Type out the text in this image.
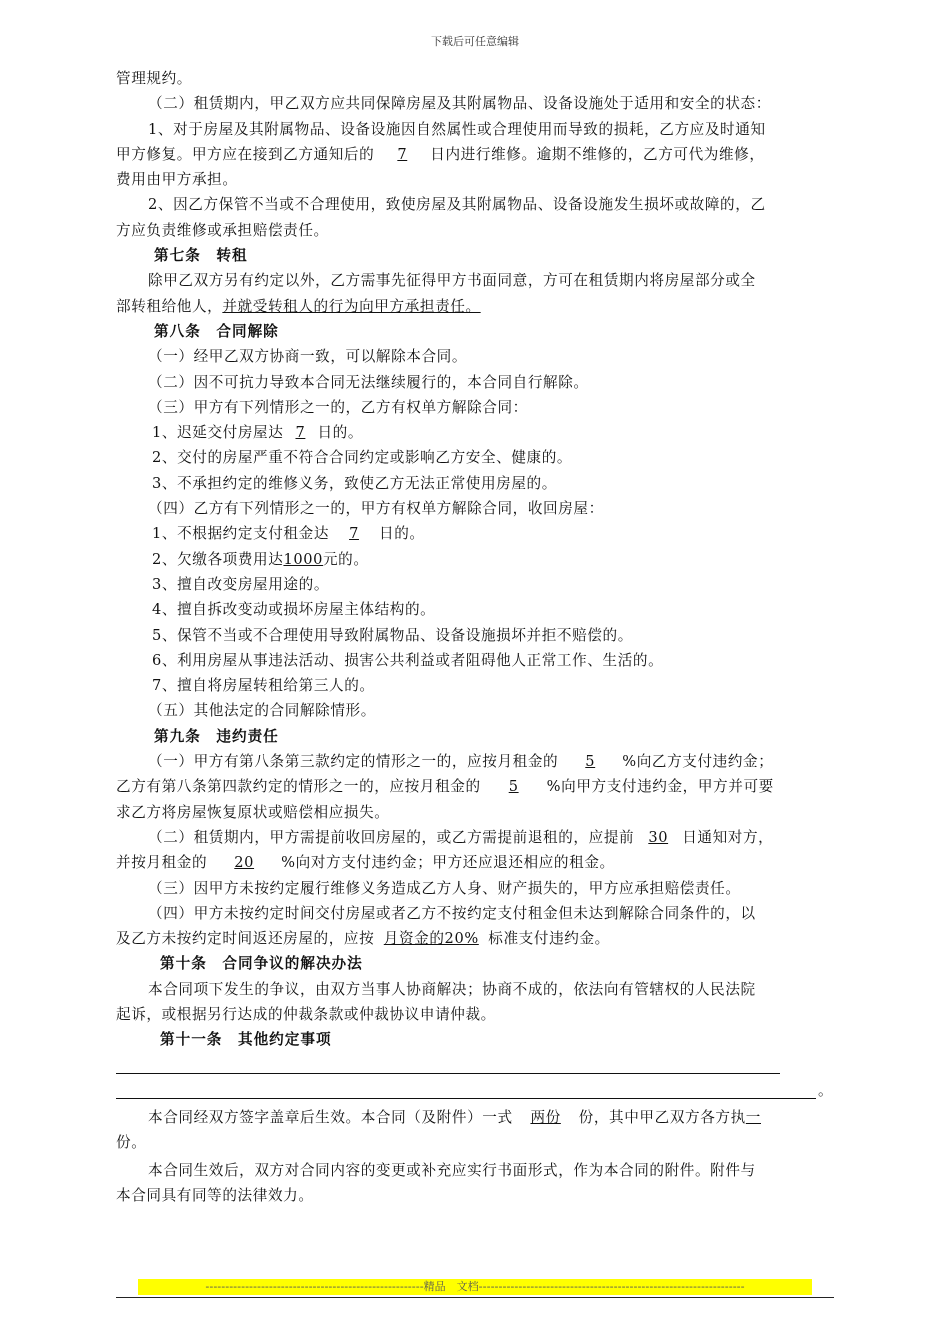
下载后可任意编辑
管理规约。
（二）租赁期内，甲乙双方应共同保障房屋及其附属物品、设备设施处于适用和安全的状态：
1、对于房屋及其附属物品、设备设施因自然属性或合理使用而导致的损耗，乙方应及时通知
甲方修复。甲方应在接到乙方通知后的 7 日内进行维修。逾期不维修的，乙方可代为维修，
费用由甲方承担。
2、因乙方保管不当或不合理使用，致使房屋及其附属物品、设备设施发生损坏或故障的，乙
方应负责维修或承担赔偿责任。
第七条　转租
除甲乙双方另有约定以外，乙方需事先征得甲方书面同意，方可在租赁期内将房屋部分或全
部转租给他人，并就受转租人的行为向甲方承担责任。
第八条　合同解除
（一）经甲乙双方协商一致，可以解除本合同。
（二）因不可抗力导致本合同无法继续履行的，本合同自行解除。
（三）甲方有下列情形之一的，乙方有权单方解除合同：
1、迟延交付房屋达 7 日的。
2、交付的房屋严重不符合合同约定或影响乙方安全、健康的。
3、不承担约定的维修义务，致使乙方无法正常使用房屋的。
（四）乙方有下列情形之一的，甲方有权单方解除合同，收回房屋：
1、不根据约定支付租金达 7 日的。
2、欠缴各项费用达1000元的。
3、擅自改变房屋用途的。
4、擅自拆改变动或损坏房屋主体结构的。
5、保管不当或不合理使用导致附属物品、设备设施损坏并拒不赔偿的。
6、利用房屋从事违法活动、损害公共利益或者阻碍他人正常工作、生活的。
7、擅自将房屋转租给第三人的。
（五）其他法定的合同解除情形。
第九条　违约责任
（一）甲方有第八条第三款约定的情形之一的，应按月租金的 5 %向乙方支付违约金；
乙方有第八条第四款约定的情形之一的，应按月租金的 5 %向甲方支付违约金，甲方并可要
求乙方将房屋恢复原状或赔偿相应损失。
（二）租赁期内，甲方需提前收回房屋的，或乙方需提前退租的，应提前 30 日通知对方，
并按月租金的 20 %向对方支付违约金；甲方还应退还相应的租金。
（三）因甲方未按约定履行维修义务造成乙方人身、财产损失的，甲方应承担赔偿责任。
（四）甲方未按约定时间交付房屋或者乙方不按约定支付租金但未达到解除合同条件的，以
及乙方未按约定时间返还房屋的，应按 月资金的20% 标准支付违约金。
第十条　合同争议的解决办法
本合同项下发生的争议，由双方当事人协商解决；协商不成的，依法向有管辖权的人民法院
起诉，或根据另行达成的仲裁条款或仲裁协议申请仲裁。
第十一条　其他约定事项
。
本合同经双方签字盖章后生效。本合同（及附件）一式 两份 份，其中甲乙双方各方执一
份。
本合同生效后，双方对合同内容的变更或补充应实行书面形式，作为本合同的附件。附件与
本合同具有同等的法律效力。
-------------------------------------------------------精品　文档-------------------------------------------------------------------
